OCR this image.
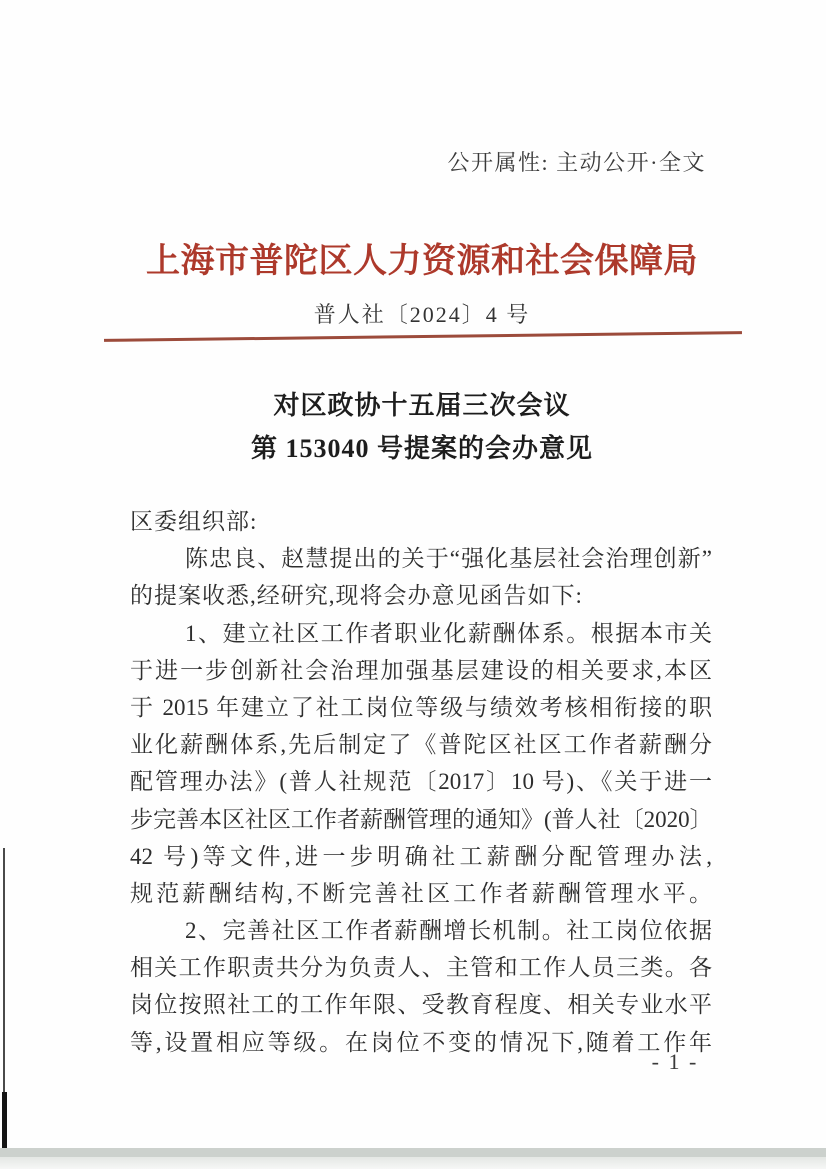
公开属性: 主动公开·全文
上海市普陀区人力资源和社会保障局
普人社〔2024〕4 号
对区政协十五届三次会议
第 153040 号提案的会办意见
区委组织部:
陈忠良、赵慧提出的关于“强化基层社会治理创新”
的提案收悉,经研究,现将会办意见函告如下:
1、建立社区工作者职业化薪酬体系。根据本市关
于进一步创新社会治理加强基层建设的相关要求,本区
于 2015 年建立了社工岗位等级与绩效考核相衔接的职
业化薪酬体系,先后制定了《普陀区社区工作者薪酬分
配管理办法》(普人社规范〔2017〕10 号)、《关于进一
步完善本区社区工作者薪酬管理的通知》(普人社〔2020〕
42 号)等文件,进一步明确社工薪酬分配管理办法,
规范薪酬结构,不断完善社区工作者薪酬管理水平。
2、完善社区工作者薪酬增长机制。社工岗位依据
相关工作职责共分为负责人、主管和工作人员三类。各
岗位按照社工的工作年限、受教育程度、相关专业水平
等,设置相应等级。在岗位不变的情况下,随着工作年
- 1 -
